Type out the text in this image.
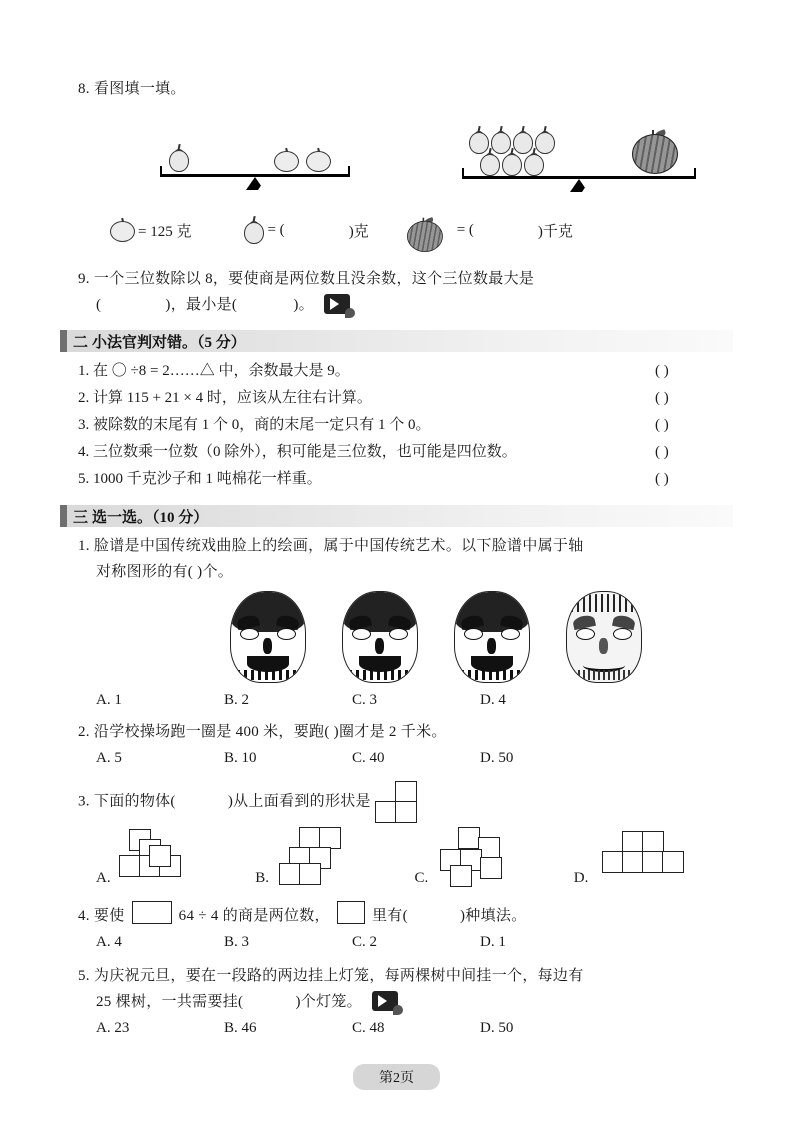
8. 看图填一填。
= 125 克	= (	)克	= (	)千克
9. 一个三位数除以 8，要使商是两位数且没余数，这个三位数最大是
(	)，最小是(	)。
二 小法官判对错。（5 分）
1. 在 〇 ÷8 = 2……△ 中，余数最大是 9。	( )
2. 计算 115 + 21 × 4 时，应该从左往右计算。	( )
3. 被除数的末尾有 1 个 0，商的末尾一定只有 1 个 0。	( )
4. 三位数乘一位数（0 除外），积可能是三位数，也可能是四位数。	( )
5. 1000 千克沙子和 1 吨棉花一样重。	( )
三 选一选。（10 分）
1. 脸谱是中国传统戏曲脸上的绘画，属于中国传统艺术。以下脸谱中属于轴
对称图形的有( )个。
A. 1	B. 2	C. 3	D. 4
2. 沿学校操场跑一圈是 400 米，要跑( )圈才是 2 千米。
A. 5	B. 10	C. 40	D. 50
3. 下面的物体(	)从上面看到的形状是
A.	B.	C.	D.
4. 要使	64 ÷ 4 的商是两位数，	里有(	)种填法。
A. 4	B. 3	C. 2	D. 1
5. 为庆祝元旦，要在一段路的两边挂上灯笼，每两棵树中间挂一个，每边有
25 棵树，一共需要挂(	)个灯笼。
A. 23	B. 46	C. 48	D. 50
第2页
